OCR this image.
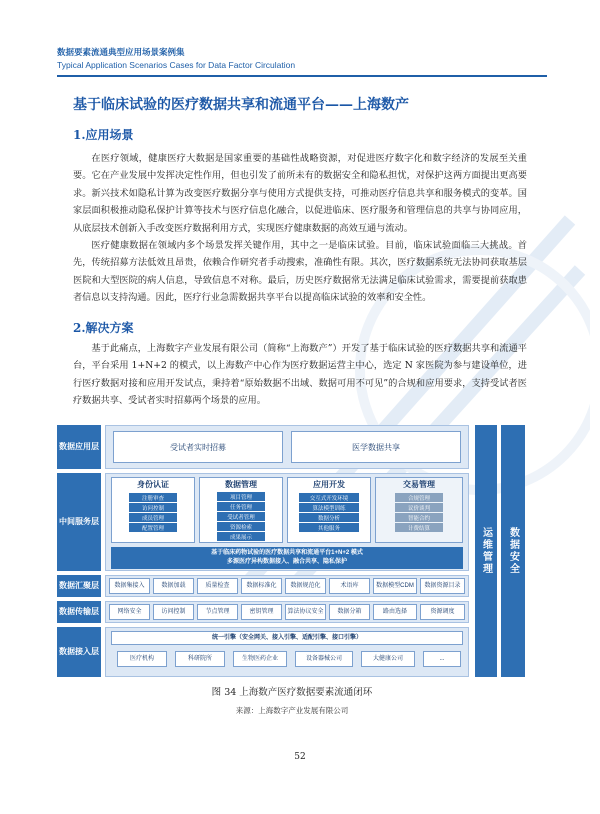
数据要素流通典型应用场景案例集
Typical Application Scenarios Cases for Data Factor Circulation
基于临床试验的医疗数据共享和流通平台——上海数产
1.应用场景
在医疗领域，健康医疗大数据是国家重要的基础性战略资源，对促进医疗数字化和数字经济的发展至关重要。它在产业发展中发挥决定性作用，但也引发了前所未有的数据安全和隐私担忧，对保护这两方面提出更高要求。新兴技术如隐私计算为改变医疗数据分享与使用方式提供支持，可推动医疗信息共享和服务模式的变革。国家层面积极推动隐私保护计算等技术与医疗信息化融合，以促进临床、医疗服务和管理信息的共享与协同应用，从底层技术创新入手改变医疗数据利用方式，实现医疗健康数据的高效互通与流动。
医疗健康数据在领域内多个场景发挥关键作用，其中之一是临床试验。目前，临床试验面临三大挑战。首先，传统招募方法低效且昂贵，依赖合作研究者手动搜索，准确性有限。其次，医疗数据系统无法协同获取基层医院和大型医院的病人信息，导致信息不对称。最后，历史医疗数据常无法满足临床试验需求，需要提前获取患者信息以支持沟通。因此，医疗行业急需数据共享平台以提高临床试验的效率和安全性。
2.解决方案
基于此痛点，上海数字产业发展有限公司（简称“上海数产”）开发了基于临床试验的医疗数据共享和流通平台，平台采用 1+N+2 的模式，以上海数产中心作为医疗数据运营主中心，选定 N 家医院为参与建设单位，进行医疗数据对接和应用开发试点，秉持着“原始数据不出域、数据可用不可见”的合规和应用要求，支持受试者医疗数据共享、受试者实时招募两个场景的应用。
数据应用层	受试者实时招募	医学数据共享
中间服务层
身份认证
注册审查
访问控制
成员管理
配置管理
数据管理
项目管理
任务管理
受试者管理
资源检索
成果展示
应用开发
交互式开发环境
算法模型训练
数据分析
其他服务
交易管理
合规管理
议价谈判
智能合约
计费结算
基于临床药物试验的医疗数据共享和流通平台1+N+2 模式
多源医疗异构数据接入、融合共享、隐私保护
数据汇聚层	数据集接入	数据加载	质量检查	数据标准化	数据规范化	术语库	数据模型CDM	数据资源目录
数据传输层	网络安全	访问控制	节点管理	密钥管理	算法协议安全	数据分箱	路由选择	资源调度
数据接入层
统一引擎（安全网关、接入引擎、适配引擎、接口引擎）
医疗机构	科研院所	生物医药企业	设备器械公司	大健康公司	...
运维管理	数据安全
图 34 上海数产医疗数据要素流通闭环
来源：上海数字产业发展有限公司
52
